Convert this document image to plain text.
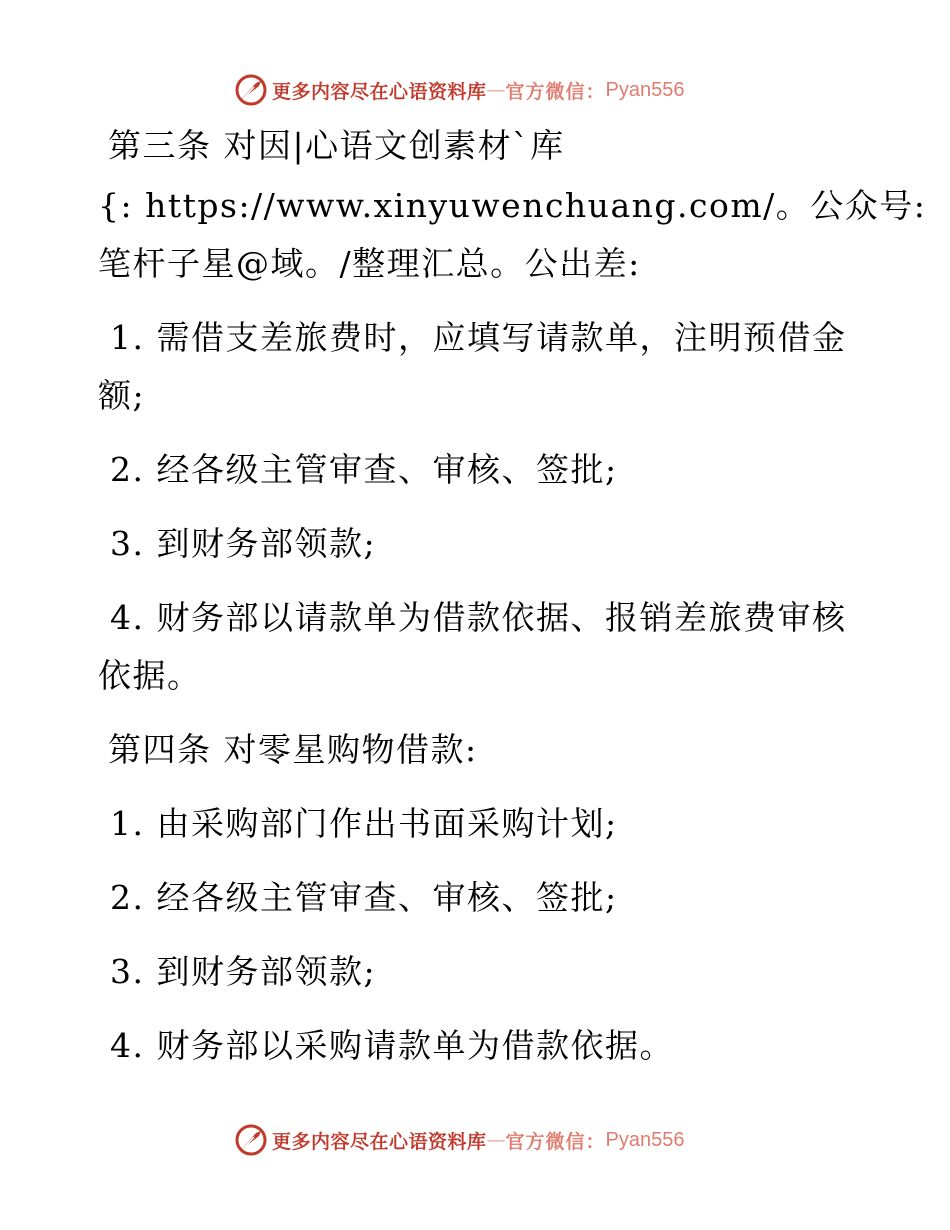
更多内容尽在心语资料库 — 官方微信： Pyan556

第三条 对因|心语文创素材`库

{: https://www.xinyuwenchuang.com/。公众号:

笔杆子星@域。/整理汇总。公出差:

1. 需借支差旅费时，应填写请款单，注明预借金

额;

2. 经各级主管审查、审核、签批;

3. 到财务部领款;

4. 财务部以请款单为借款依据、报销差旅费审核

依据。

第四条 对零星购物借款:

1. 由采购部门作出书面采购计划;

2. 经各级主管审查、审核、签批;

3. 到财务部领款;

4. 财务部以采购请款单为借款依据。

更多内容尽在心语资料库 — 官方微信： Pyan556
